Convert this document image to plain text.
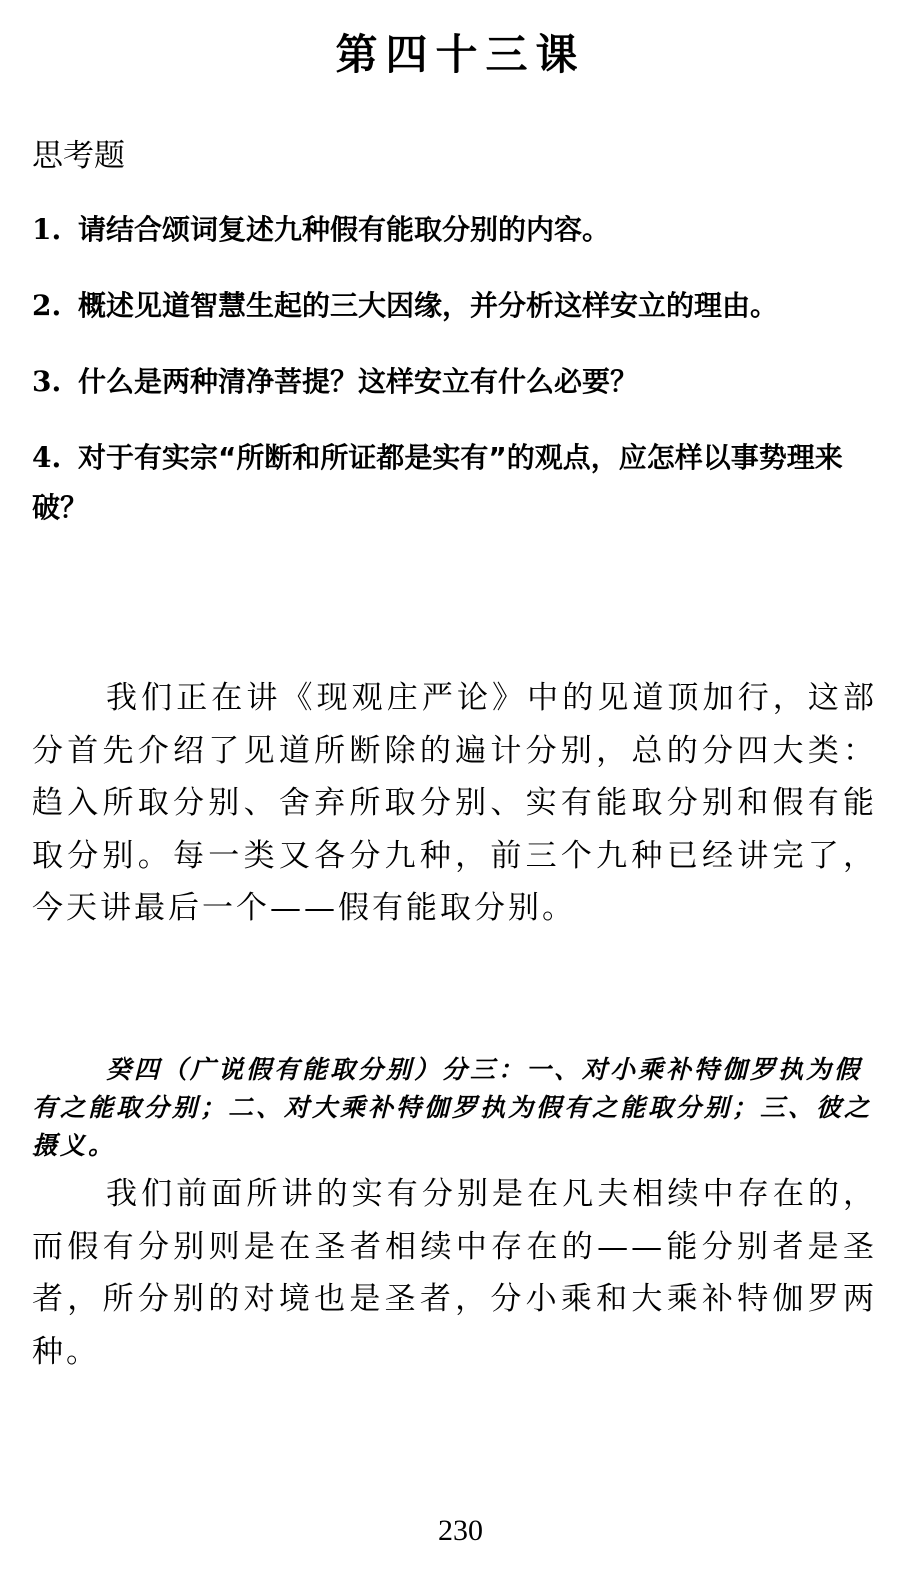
第四十三课

思考题

1. 请结合颂词复述九种假有能取分别的内容。
2. 概述见道智慧生起的三大因缘，并分析这样安立的理由。
3. 什么是两种清净菩提？这样安立有什么必要？
4. 对于有实宗“所断和所证都是实有”的观点，应怎样以事势理来破？

我们正在讲《现观庄严论》中的见道顶加行，这部分首先介绍了见道所断除的遍计分别，总的分四大类：趋入所取分别、舍弃所取分别、实有能取分别和假有能取分别。每一类又各分九种，前三个九种已经讲完了，今天讲最后一个——假有能取分别。

癸四（广说假有能取分别）分三：一、对小乘补特伽罗执为假有之能取分别；二、对大乘补特伽罗执为假有之能取分别；三、彼之摄义。

我们前面所讲的实有分别是在凡夫相续中存在的，而假有分别则是在圣者相续中存在的——能分别者是圣者，所分别的对境也是圣者，分小乘和大乘补特伽罗两种。

230
